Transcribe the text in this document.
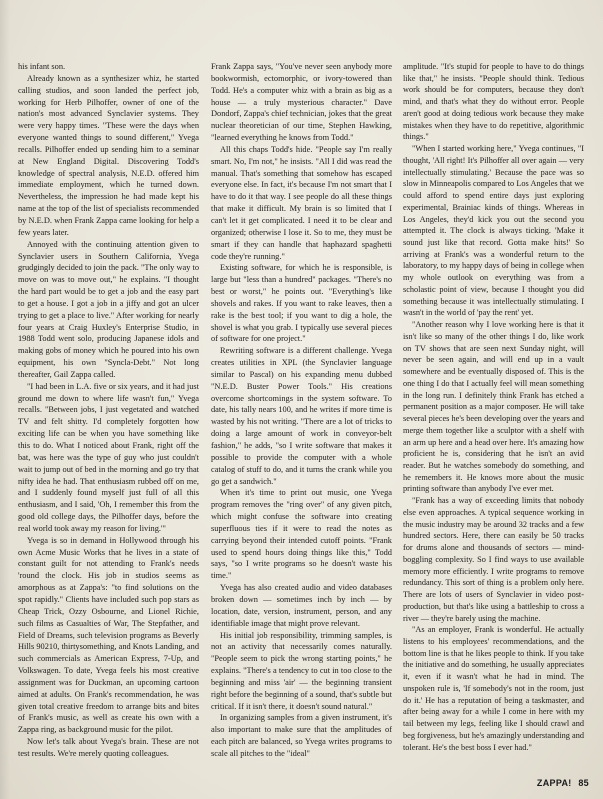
his infant son.

Already known as a synthesizer whiz, he started calling studios, and soon landed the perfect job, working for Herb Pilhoffer, owner of one of the nation's most advanced Synclavier systems. They were very happy times. "These were the days when everyone wanted things to sound different," Yvega recalls. Pilhoffer ended up sending him to a seminar at New England Digital. Discovering Todd's knowledge of spectral analysis, N.E.D. offered him immediate employment, which he turned down. Nevertheless, the impression he had made kept his name at the top of the list of specialists recommended by N.E.D. when Frank Zappa came looking for help a few years later.

Annoyed with the continuing attention given to Synclavier users in Southern California, Yvega grudgingly decided to join the pack. "The only way to move on was to move out," he explains. "I thought the hard part would be to get a job and the easy part to get a house. I got a job in a jiffy and got an ulcer trying to get a place to live." After working for nearly four years at Craig Huxley's Enterprise Studio, in 1988 Todd went solo, producing Japanese idols and making gobs of money which he poured into his own equipment, his own "Syncla-Debt." Not long thereafter, Gail Zappa called.

"I had been in L.A. five or six years, and it had just ground me down to where life wasn't fun," Yvega recalls. "Between jobs, I just vegetated and watched TV and felt shitty. I'd completely forgotten how exciting life can be when you have something like this to do. What I noticed about Frank, right off the bat, was here was the type of guy who just couldn't wait to jump out of bed in the morning and go try that nifty idea he had. That enthusiasm rubbed off on me, and I suddenly found myself just full of all this enthusiasm, and I said, 'Oh, I remember this from the good old college days, the Pilhoffer days, before the real world took away my reason for living.'"

Yvega is so in demand in Hollywood through his own Acme Music Works that he lives in a state of constant guilt for not attending to Frank's needs 'round the clock. His job in studios seems as amorphous as at Zappa's: "to find solutions on the spot rapidly." Clients have included such pop stars as Cheap Trick, Ozzy Osbourne, and Lionel Richie, such films as Casualties of War, The Stepfather, and Field of Dreams, such television programs as Beverly Hills 90210, thirtysomething, and Knots Landing, and such commercials as American Express, 7-Up, and Volkswagen. To date, Yvega feels his most creative assignment was for Duckman, an upcoming cartoon aimed at adults. On Frank's recommendation, he was given total creative freedom to arrange bits and bites of Frank's music, as well as create his own with a Zappa ring, as background music for the pilot.

Now let's talk about Yvega's brain. These are not test results. We're merely quoting colleagues.

Frank Zappa says, "You've never seen anybody more bookwormish, ectomorphic, or ivory-towered than Todd. He's a computer whiz with a brain as big as a house — a truly mysterious character." Dave Dondorf, Zappa's chief technician, jokes that the great nuclear theoretician of our time, Stephen Hawking, "learned everything he knows from Todd."

All this chaps Todd's hide. "People say I'm really smart. No, I'm not," he insists. "All I did was read the manual. That's something that somehow has escaped everyone else. In fact, it's because I'm not smart that I have to do it that way. I see people do all these things that make it difficult. My brain is so limited that I can't let it get complicated. I need it to be clear and organized; otherwise I lose it. So to me, they must be smart if they can handle that haphazard spaghetti code they're running."

Existing software, for which he is responsible, is large but "less than a hundred" packages. "There's no best or worst," he points out. "Everything's like shovels and rakes. If you want to rake leaves, then a rake is the best tool; if you want to dig a hole, the shovel is what you grab. I typically use several pieces of software for one project."

Rewriting software is a different challenge. Yvega creates utilities in XPL (the Synclavier language similar to Pascal) on his expanding menu dubbed "N.E.D. Buster Power Tools." His creations overcome shortcomings in the system software. To date, his tally nears 100, and he writes if more time is wasted by his not writing. "There are a lot of tricks to doing a large amount of work in conveyor-belt fashion," he adds, "so I write software that makes it possible to provide the computer with a whole catalog of stuff to do, and it turns the crank while you go get a sandwich."

When it's time to print out music, one Yvega program removes the "ring over" of any given pitch, which might confuse the software into creating superfluous ties if it were to read the notes as carrying beyond their intended cutoff points. "Frank used to spend hours doing things like this," Todd says, "so I write programs so he doesn't waste his time."

Yvega has also created audio and video databases broken down — sometimes inch by inch — by location, date, version, instrument, person, and any identifiable image that might prove relevant.

His initial job responsibility, trimming samples, is not an activity that necessarily comes naturally. "People seem to pick the wrong starting points," he explains. "There's a tendency to cut in too close to the beginning and miss 'air' — the beginning transient right before the beginning of a sound, that's subtle but critical. If it isn't there, it doesn't sound natural."

In organizing samples from a given instrument, it's also important to make sure that the amplitudes of each pitch are balanced, so Yvega writes programs to scale all pitches to the "ideal"

amplitude. "It's stupid for people to have to do things like that," he insists. "People should think. Tedious work should be for computers, because they don't mind, and that's what they do without error. People aren't good at doing tedious work because they make mistakes when they have to do repetitive, algorithmic things."

"When I started working here," Yvega continues, "I thought, 'All right! It's Pilhoffer all over again — very intellectually stimulating.' Because the pace was so slow in Minneapolis compared to Los Angeles that we could afford to spend entire days just exploring experimental, Brainiac kinds of things. Whereas in Los Angeles, they'd kick you out the second you attempted it. The clock is always ticking. 'Make it sound just like that record. Gotta make hits!' So arriving at Frank's was a wonderful return to the laboratory, to my happy days of being in college when my whole outlook on everything was from a scholastic point of view, because I thought you did something because it was intellectually stimulating. I wasn't in the world of 'pay the rent' yet.

"Another reason why I love working here is that it isn't like so many of the other things I do, like work on TV shows that are seen next Sunday night, will never be seen again, and will end up in a vault somewhere and be eventually disposed of. This is the one thing I do that I actually feel will mean something in the long run. I definitely think Frank has etched a permanent position as a major composer. He will take several pieces he's been developing over the years and merge them together like a sculptor with a shelf with an arm up here and a head over here. It's amazing how proficient he is, considering that he isn't an avid reader. But he watches somebody do something, and he remembers it. He knows more about the music printing software than anybody I've ever met.

"Frank has a way of exceeding limits that nobody else even approaches. A typical sequence working in the music industry may be around 32 tracks and a few hundred sectors. Here, there can easily be 50 tracks for drums alone and thousands of sectors — mind-boggling complexity. So I find ways to use available memory more efficiently. I write programs to remove redundancy. This sort of thing is a problem only here. There are lots of users of Synclavier in video post-production, but that's like using a battleship to cross a river — they're barely using the machine.

"As an employer, Frank is wonderful. He actually listens to his employees' recommendations, and the bottom line is that he likes people to think. If you take the initiative and do something, he usually appreciates it, even if it wasn't what he had in mind. The unspoken rule is, 'If somebody's not in the room, just do it.' He has a reputation of being a taskmaster, and after being away for a while I come in here with my tail between my legs, feeling like I should crawl and beg forgiveness, but he's amazingly understanding and tolerant. He's the best boss I ever had."

ZAPPA! 85
